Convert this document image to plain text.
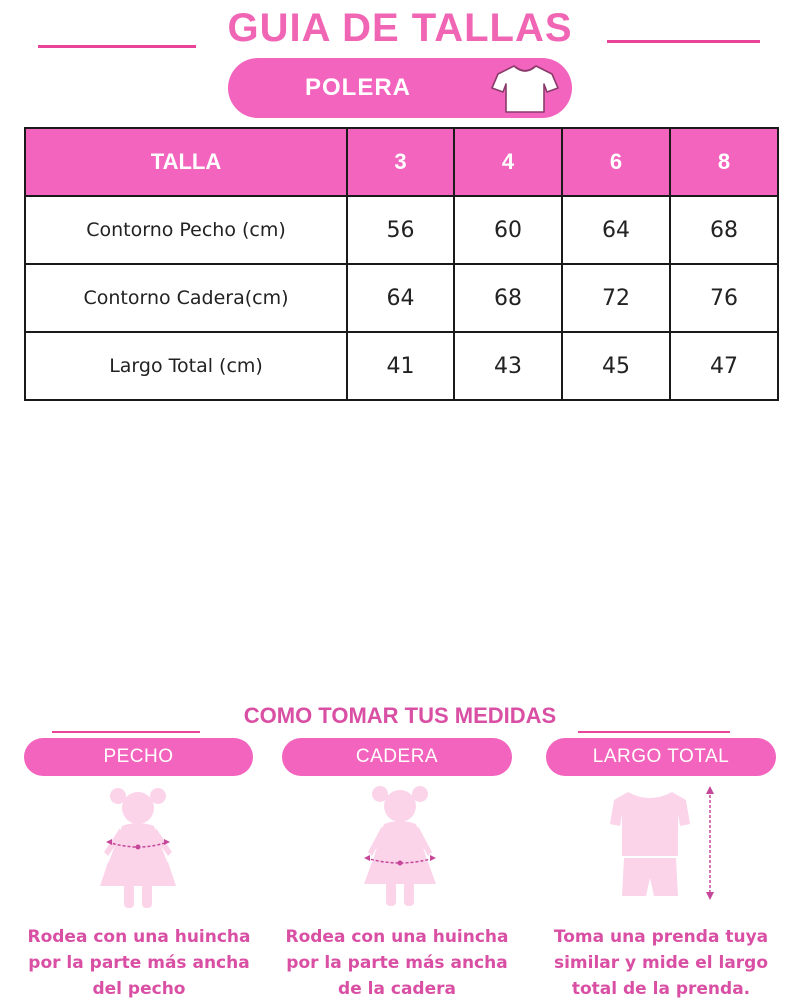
GUIA DE TALLAS
POLERA
TALLA	3	4	6	8
Contorno Pecho (cm)	56	60	64	68
Contorno Cadera(cm)	64	68	72	76
Largo Total (cm)	41	43	45	47
COMO TOMAR TUS MEDIDAS
PECHO	CADERA	LARGO TOTAL
Rodea con una huincha
por la parte más ancha
del pecho
Rodea con una huincha
por la parte más ancha
de la cadera
Toma una prenda tuya
similar y mide el largo
total de la prenda.
